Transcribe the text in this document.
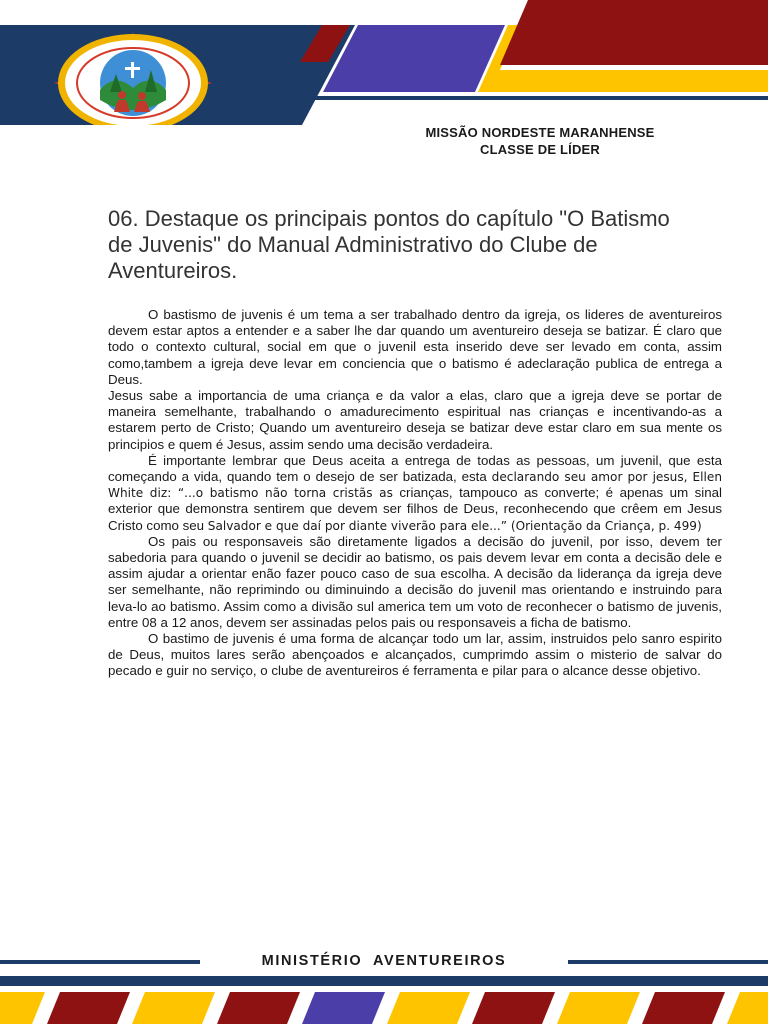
MISSÃO NORDESTE MARANHENSE
CLASSE DE LÍDER
06. Destaque os principais pontos do capítulo "O Batismo de Juvenis" do Manual Administrativo do Clube de Aventureiros.

O bastismo de juvenis é um tema a ser trabalhado dentro da igreja, os lideres de aventureiros devem estar aptos a entender e a saber lhe dar quando um aventureiro deseja se batizar. É claro que todo o contexto cultural, social em que o juvenil esta inserido deve ser levado em conta, assim como,tambem a igreja deve levar em conciencia que o batismo é adeclaração publica de entrega a Deus.

Jesus sabe a importancia de uma criança e da valor a elas, claro que a igreja deve se portar de maneira semelhante, trabalhando o amadurecimento espiritual nas crianças e incentivando-as a estarem perto de Cristo; Quando um aventureiro deseja se batizar deve estar claro em sua mente os principios e quem é Jesus, assim sendo uma decisão verdadeira.

É importante lembrar que Deus aceita a entrega de todas as pessoas, um juvenil, que esta começando a vida, quando tem o desejo de ser batizada, esta declarando seu amor por jesus, Ellen White diz: “...o batismo não torna cristãs as crianças, tampouco as converte; é apenas um sinal exterior que demonstra sentirem que devem ser filhos de Deus, reconhecendo que crêem em Jesus Cristo como seu Salvador e que daí por diante viverão para ele...” (Orientação da Criança, p. 499)

Os pais ou responsaveis são diretamente ligados a decisão do juvenil, por isso, devem ter sabedoria para quando o juvenil se decidir ao batismo, os pais devem levar em conta a decisão dele e assim ajudar a orientar enão fazer pouco caso de sua escolha. A decisão da liderança da igreja deve ser semelhante, não reprimindo ou diminuindo a decisão do juvenil mas orientando e instruindo para leva-lo ao batismo. Assim como a divisão sul america tem um voto de reconhecer o batismo de juvenis, entre 08 a 12 anos, devem ser assinadas pelos pais ou responsaveis a ficha de batismo.

O bastimo de juvenis é uma forma de alcançar todo um lar, assim, instruidos pelo sanro espirito de Deus, muitos lares serão abençoados e alcançados, cumprimdo assim o misterio de salvar do pecado e guir no serviço, o clube de aventureiros é ferramenta e pilar para o alcance desse objetivo.

MINISTÉRIO  AVENTUREIROS
